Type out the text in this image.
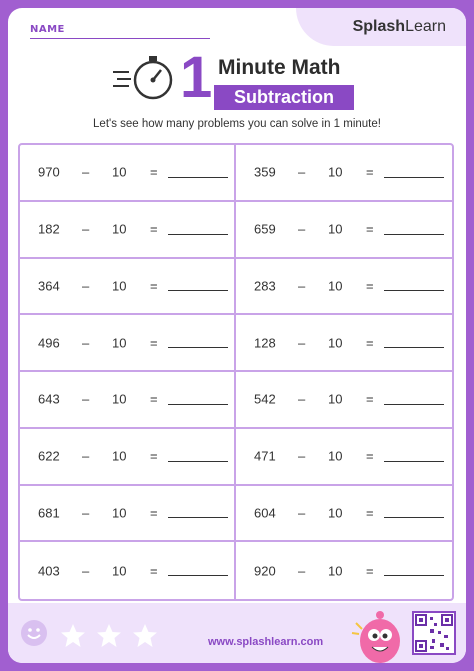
NAME	SplashLearn
1 Minute Math
Subtraction
Let's see how many problems you can solve in 1 minute!
970 – 10 =	359 – 10 =
182 – 10 =	659 – 10 =
364 – 10 =	283 – 10 =
496 – 10 =	128 – 10 =
643 – 10 =	542 – 10 =
622 – 10 =	471 – 10 =
681 – 10 =	604 – 10 =
403 – 10 =	920 – 10 =
www.splashlearn.com
